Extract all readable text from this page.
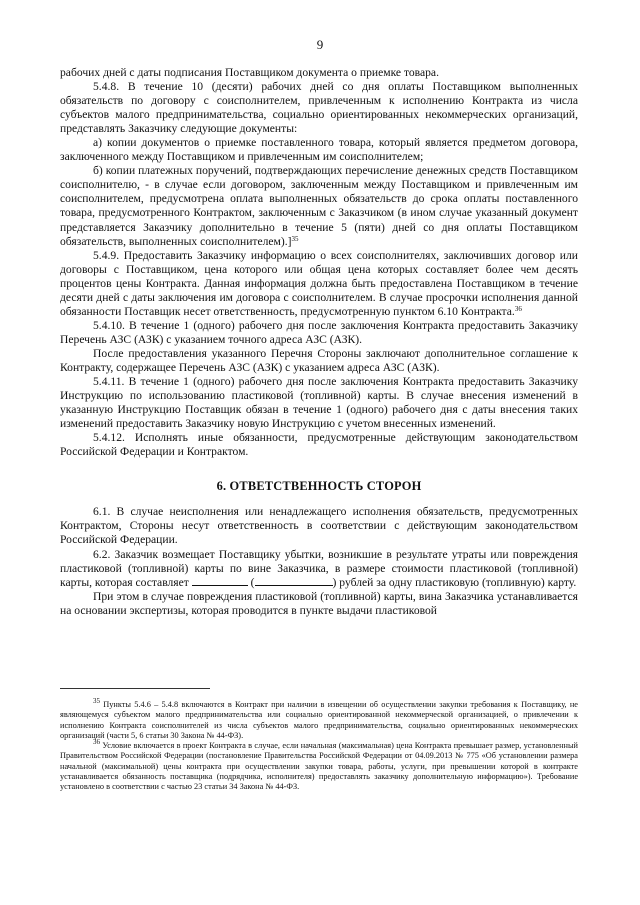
9

рабочих дней с даты подписания Поставщиком документа о приемке товара.

5.4.8. В течение 10 (десяти) рабочих дней со дня оплаты Поставщиком выполненных обязательств по договору с соисполнителем, привлеченным к исполнению Контракта из числа субъектов малого предпринимательства, социально ориентированных некоммерческих организаций, представлять Заказчику следующие документы:

а) копии документов о приемке поставленного товара, который является предметом договора, заключенного между Поставщиком и привлеченным им соисполнителем;

б) копии платежных поручений, подтверждающих перечисление денежных средств Поставщиком соисполнителю, - в случае если договором, заключенным между Поставщиком и привлеченным им соисполнителем, предусмотрена оплата выполненных обязательств до срока оплаты поставленного товара, предусмотренного Контрактом, заключенным с Заказчиком (в ином случае указанный документ представляется Заказчику дополнительно в течение 5 (пяти) дней со дня оплаты Поставщиком обязательств, выполненных соисполнителем).]$^{35}$

5.4.9. Предоставить Заказчику информацию о всех соисполнителях, заключивших договор или договоры с Поставщиком, цена которого или общая цена которых составляет более чем десять процентов цены Контракта. Данная информация должна быть предоставлена Поставщиком в течение десяти дней с даты заключения им договора с соисполнителем. В случае просрочки исполнения данной обязанности Поставщик несет ответственность, предусмотренную пунктом 6.10 Контракта.$^{36}$

5.4.10. В течение 1 (одного) рабочего дня после заключения Контракта предоставить Заказчику Перечень АЗС (АЗК) с указанием точного адреса АЗС (АЗК).

После предоставления указанного Перечня Стороны заключают дополнительное соглашение к Контракту, содержащее Перечень АЗС (АЗК) с указанием адреса АЗС (АЗК).

5.4.11. В течение 1 (одного) рабочего дня после заключения Контракта предоставить Заказчику Инструкцию по использованию пластиковой (топливной) карты. В случае внесения изменений в указанную Инструкцию Поставщик обязан в течение 1 (одного) рабочего дня с даты внесения таких изменений предоставить Заказчику новую Инструкцию с учетом внесенных изменений.

5.4.12. Исполнять иные обязанности, предусмотренные действующим законодательством Российской Федерации и Контрактом.

6. ОТВЕТСТВЕННОСТЬ СТОРОН

6.1. В случае неисполнения или ненадлежащего исполнения обязательств, предусмотренных Контрактом, Стороны несут ответственность в соответствии с действующим законодательством Российской Федерации.

6.2. Заказчик возмещает Поставщику убытки, возникшие в результате утраты или повреждения пластиковой (топливной) карты по вине Заказчика, в размере стоимости пластиковой (топливной) карты, которая составляет	(	) рублей за одну пластиковую (топливную) карту.

При этом в случае повреждения пластиковой (топливной) карты, вина Заказчика устанавливается на основании экспертизы, которая проводится в пункте выдачи пластиковой

$^{35}$ Пункты 5.4.6 – 5.4.8 включаются в Контракт при наличии в извещении об осуществлении закупки требования к Поставщику, не являющемуся субъектом малого предпринимательства или социально ориентированной некоммерческой организацией, о привлечении к исполнению Контракта соисполнителей из числа субъектов малого предпринимательства, социально ориентированных некоммерческих организаций (части 5, 6 статьи 30 Закона № 44-ФЗ).

$^{36}$ Условие включается в проект Контракта в случае, если начальная (максимальная) цена Контракта превышает размер, установленный Правительством Российской Федерации (постановление Правительства Российской Федерации от 04.09.2013 № 775 «Об установлении размера начальной (максимальной) цены контракта при осуществлении закупки товара, работы, услуги, при превышении которой в контракте устанавливается обязанность поставщика (подрядчика, исполнителя) предоставлять заказчику дополнительную информацию»). Требование установлено в соответствии с частью 23 статьи 34 Закона № 44-ФЗ.
